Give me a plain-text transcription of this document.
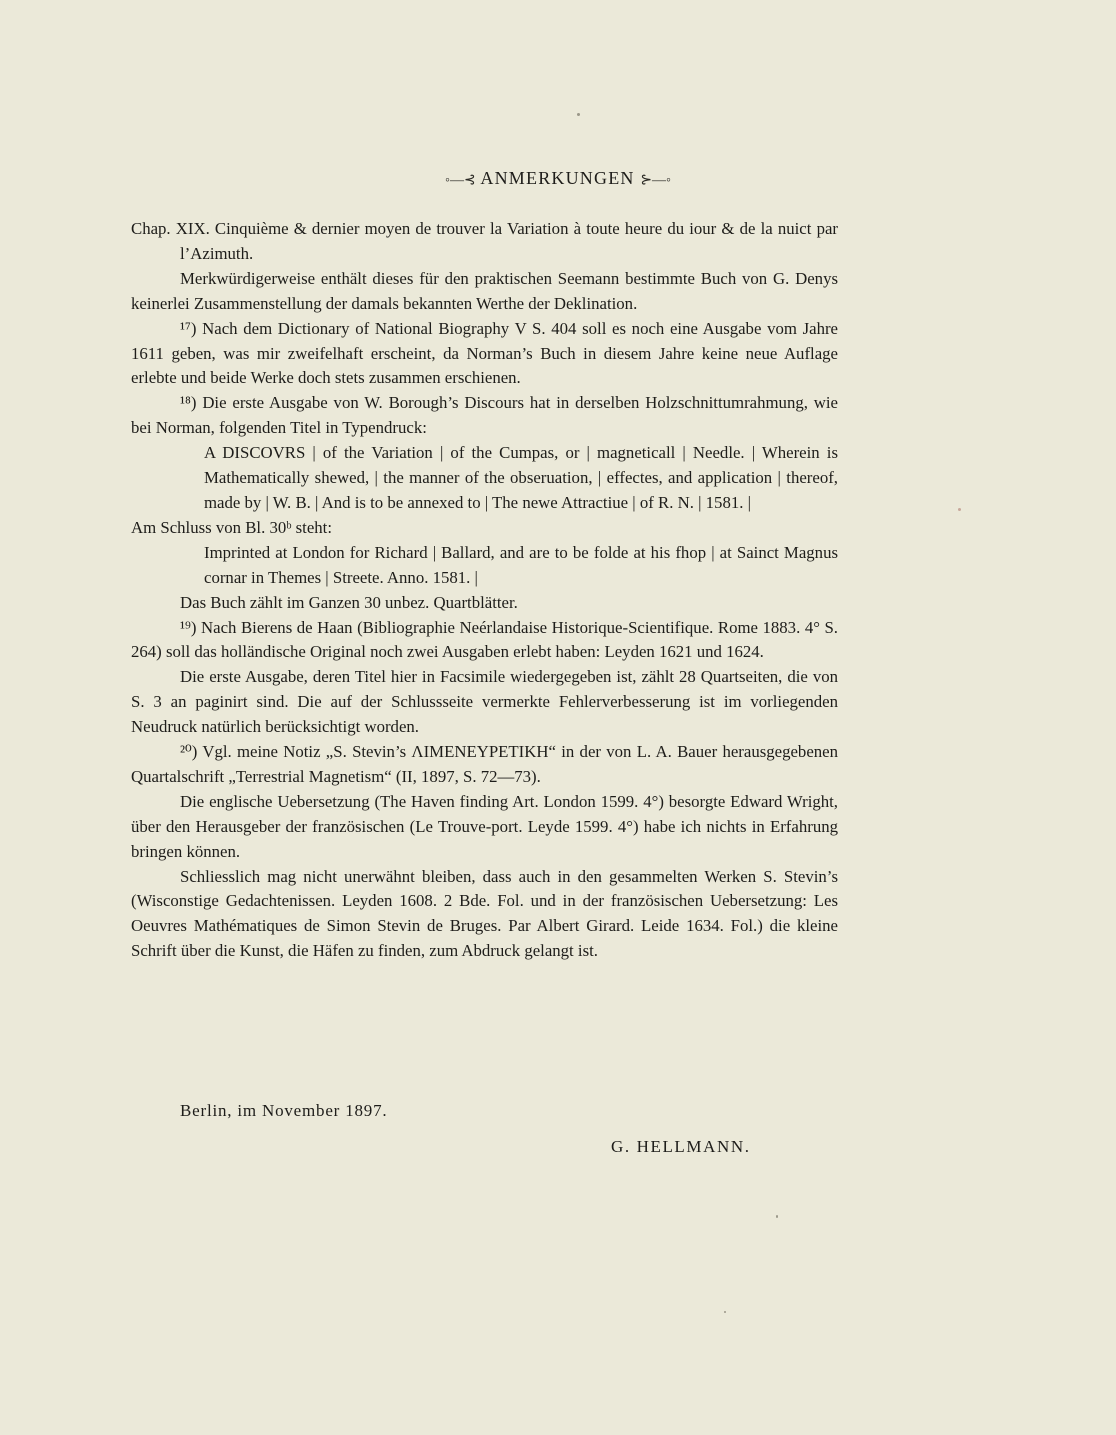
◦—⊰ ANMERKUNGEN ⊱—◦

Chap. XIX. Cinquième & dernier moyen de trouver la Variation à toute heure du iour & de la nuict par l’Azimuth.

Merkwürdigerweise enthält dieses für den praktischen Seemann bestimmte Buch von G. Denys keinerlei Zusammenstellung der damals bekannten Werthe der Deklination.

¹⁷) Nach dem Dictionary of National Biography V S. 404 soll es noch eine Ausgabe vom Jahre 1611 geben, was mir zweifelhaft erscheint, da Norman’s Buch in diesem Jahre keine neue Auflage erlebte und beide Werke doch stets zusammen erschienen.

¹⁸) Die erste Ausgabe von W. Borough’s Discours hat in derselben Holzschnittumrahmung, wie bei Norman, folgenden Titel in Typendruck:

A DISCOVRS | of the Variation | of the Cumpas, or | magneticall | Needle. | Wherein is Mathematically shewed, | the manner of the obseruation, | effectes, and application | thereof, made by | W. B. | And is to be annexed to | The newe Attractiue | of R. N. | 1581. |

Am Schluss von Bl. 30ᵇ steht:

Imprinted at London for Richard | Ballard, and are to be folde at his fhop | at Sainct Magnus cornar in Themes | Streete. Anno. 1581. |

Das Buch zählt im Ganzen 30 unbez. Quartblätter.

¹⁹) Nach Bierens de Haan (Bibliographie Neérlandaise Historique-Scientifique. Rome 1883. 4° S. 264) soll das holländische Original noch zwei Ausgaben erlebt haben: Leyden 1621 und 1624.

Die erste Ausgabe, deren Titel hier in Facsimile wiedergegeben ist, zählt 28 Quartseiten, die von S. 3 an paginirt sind. Die auf der Schlussseite vermerkte Fehlerverbesserung ist im vorliegenden Neudruck natürlich berücksichtigt worden.

²⁰) Vgl. meine Notiz „S. Stevin’s ΛΙΜΕΝΕΥΡΕΤΙΚΗ“ in der von L. A. Bauer herausgegebenen Quartalschrift „Terrestrial Magnetism“ (II, 1897, S. 72—73).

Die englische Uebersetzung (The Haven finding Art. London 1599. 4°) besorgte Edward Wright, über den Herausgeber der französischen (Le Trouve-port. Leyde 1599. 4°) habe ich nichts in Erfahrung bringen können.

Schliesslich mag nicht unerwähnt bleiben, dass auch in den gesammelten Werken S. Stevin’s (Wisconstige Gedachtenissen. Leyden 1608. 2 Bde. Fol. und in der französischen Uebersetzung: Les Oeuvres Mathématiques de Simon Stevin de Bruges. Par Albert Girard. Leide 1634. Fol.) die kleine Schrift über die Kunst, die Häfen zu finden, zum Abdruck gelangt ist.

Berlin, im November 1897.
G. HELLMANN.
